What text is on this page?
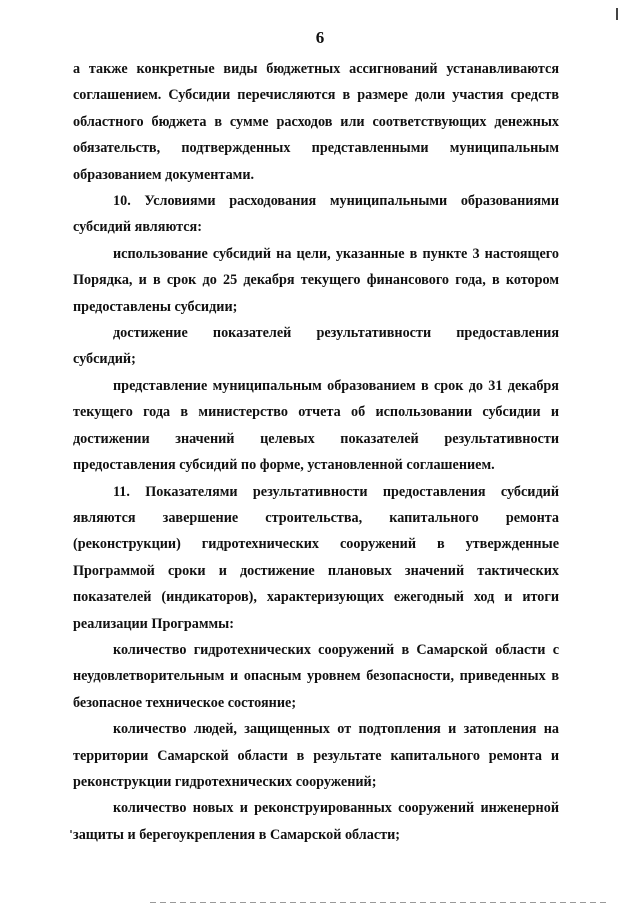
6

а также конкретные виды бюджетных ассигнований устанавливаются соглашением. Субсидии перечисляются в размере доли участия средств областного бюджета в сумме расходов или соответствующих денежных обязательств, подтвержденных представленными муниципальным образованием документами.

10. Условиями расходования муниципальными образованиями субсидий являются:

использование субсидий на цели, указанные в пункте 3 настоящего Порядка, и в срок до 25 декабря текущего финансового года, в котором предоставлены субсидии;

достижение показателей результативности предоставления субсидий;

представление муниципальным образованием в срок до 31 декабря текущего года в министерство отчета об использовании субсидии и достижении значений целевых показателей результативности предоставления субсидий по форме, установленной соглашением.

11. Показателями результативности предоставления субсидий являются завершение строительства, капитального ремонта (реконструкции) гидротехнических сооружений в утвержденные Программой сроки и достижение плановых значений тактических показателей (индикаторов), характеризующих ежегодный ход и итоги реализации Программы:

количество гидротехнических сооружений в Самарской области с неудовлетворительным и опасным уровнем безопасности, приведенных в безопасное техническое состояние;

количество людей, защищенных от подтопления и затопления на территории Самарской области в результате капитального ремонта и реконструкции гидротехнических сооружений;

количество новых и реконструированных сооружений инженерной защиты и берегоукрепления в Самарской области;
